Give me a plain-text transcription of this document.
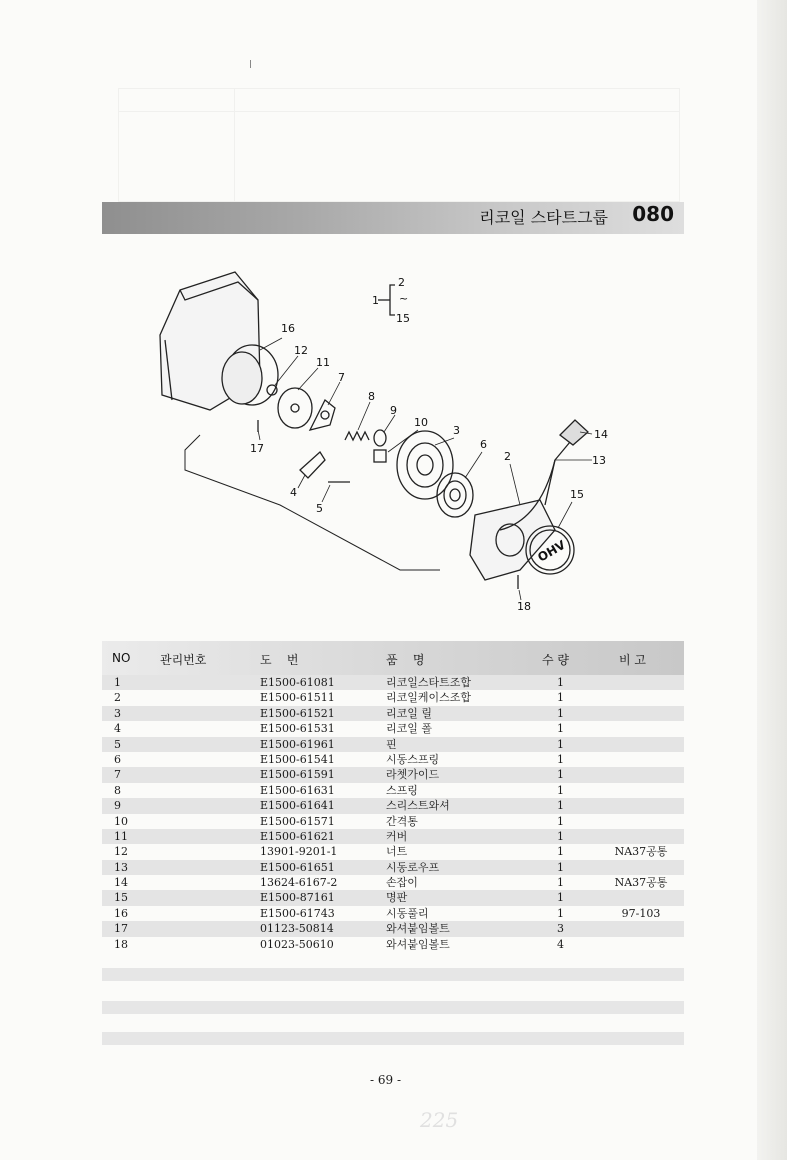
리코일 스타트그룹 080
1
2
~
15
16
12
11
7
8
9
10
3
6
2
14
13
15
17
4
5
18
OHV
NO 관리번호	도    번	품    명	수 량	비 고
1	E1500-61081	리코일스타트조합	1
2	E1500-61511	리코일케이스조합	1
3	E1500-61521	리코일 릴	1
4	E1500-61531	리코일 폴	1
5	E1500-61961	핀	1
6	E1500-61541	시동스프링	1
7	E1500-61591	라쳇가이드	1
8	E1500-61631	스프링	1
9	E1500-61641	스리스트와셔	1
10	E1500-61571	간격통	1
11	E1500-61621	커버	1
12	13901-9201-1	너트	1	NA37공통
13	E1500-61651	시동로우프	1
14	13624-6167-2	손잡이	1	NA37공통
15	E1500-87161	명판	1
16	E1500-61743	시동풀리	1	97-103
17	01123-50814	와셔붙임볼트	3
18	01023-50610	와셔붙임볼트	4
- 69 -
225
